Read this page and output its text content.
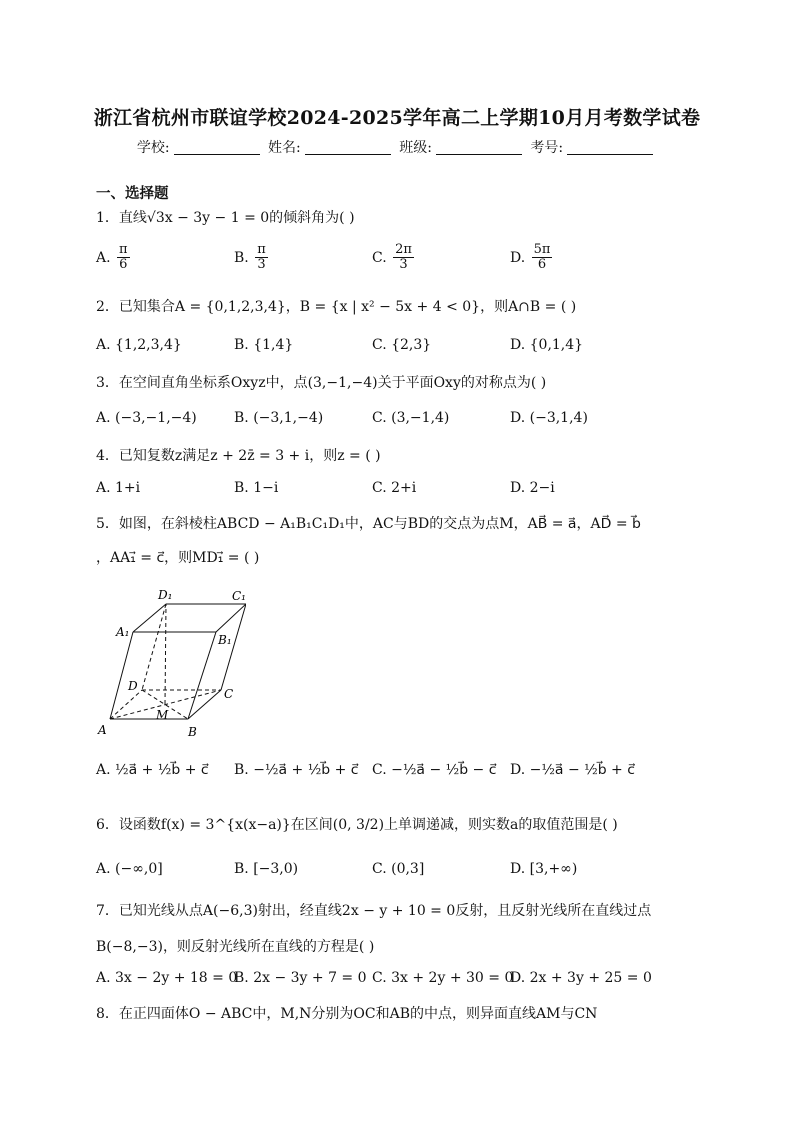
浙江省杭州市联谊学校2024-2025学年高二上学期10月月考数学试卷
学校:	姓名:	班级:	考号:
一、选择题
1．直线√3x − 3y − 1 = 0的倾斜角为( )
A. $\frac{\pi}{6}$	B. $\frac{\pi}{3}$	C. $\frac{2\pi}{3}$	D. $\frac{5\pi}{6}$
2．已知集合A = {0,1,2,3,4}，B = {x | x² − 5x + 4 < 0}，则A∩B = ( )
A. {1,2,3,4}	B. {1,4}	C. {2,3}	D. {0,1,4}
3．在空间直角坐标系Oxyz中，点(3,−1,−4)关于平面Oxy的对称点为( )
A. (−3,−1,−4)	B. (−3,1,−4)	C. (3,−1,4)	D. (−3,1,4)
4．已知复数z满足z + 2z̄ = 3 + i，则z = ( )
A. 1+i	B. 1−i	C. 2+i	D. 2−i
5．如图，在斜棱柱ABCD − A₁B₁C₁D₁中，AC与BD的交点为点M，AB⃗ = a⃗，AD⃗ = b⃗
，AA₁⃗ = c⃗，则MD₁⃗ = ( )
D₁	C₁
A₁
B₁
D
C
M
A	B
A. ½a⃗ + ½b⃗ + c⃗ B. −½a⃗ + ½b⃗ + c⃗ C. −½a⃗ − ½b⃗ − c⃗ D. −½a⃗ − ½b⃗ + c⃗
6．设函数f(x) = 3^{x(x−a)}在区间(0, 3/2)上单调递减，则实数a的取值范围是( )
A. (−∞,0]	B. [−3,0)	C. (0,3]	D. [3,+∞)
7．已知光线从点A(−6,3)射出，经直线2x − y + 10 = 0反射，且反射光线所在直线过点
B(−8,−3)，则反射光线所在直线的方程是( )
A. 3x − 2y + 18 = 0
B. 2x − 3y + 7 = 0 C. 3x + 2y + 30 = 0
D. 2x + 3y + 25 = 0
8．在正四面体O − ABC中，M,N分别为OC和AB的中点，则异面直线AM与CN
